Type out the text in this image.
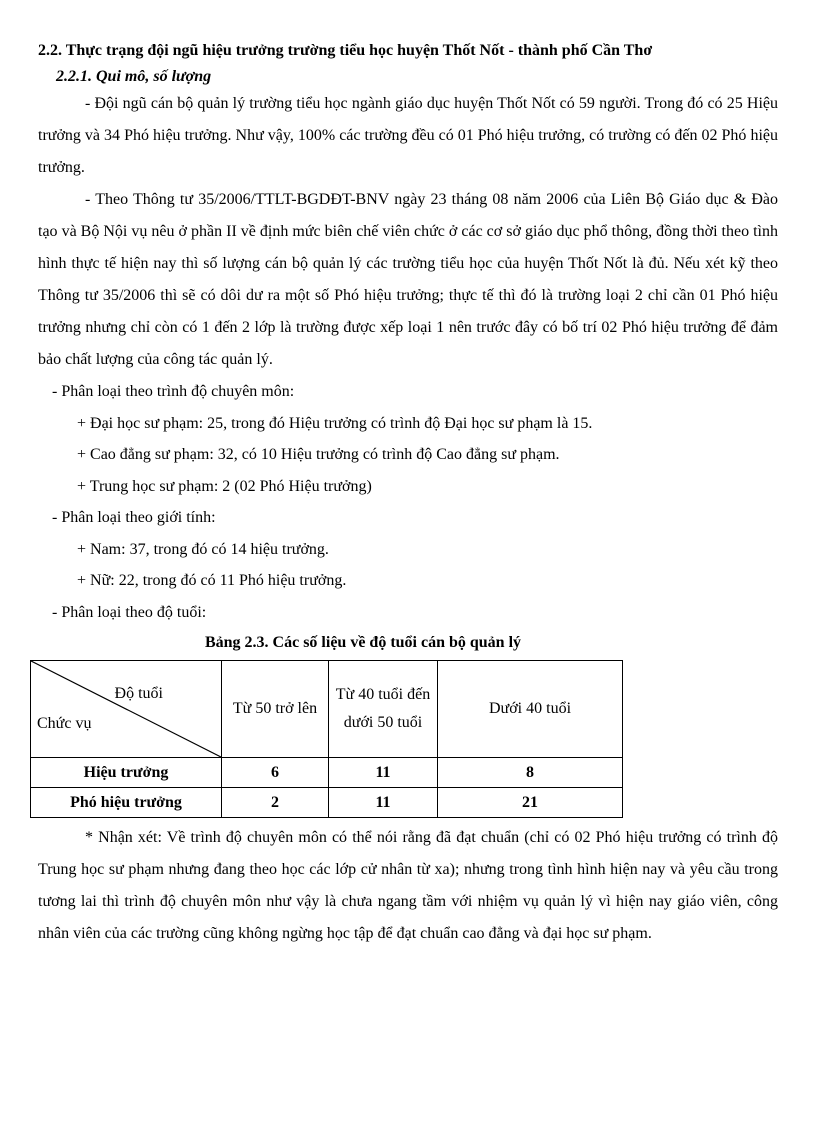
2.2. Thực trạng đội ngũ hiệu trưởng trường tiểu học huyện Thốt Nốt - thành phố Cần Thơ

2.2.1. Qui mô, số lượng

- Đội ngũ cán bộ quản lý trường tiểu học ngành giáo dục huyện Thốt Nốt có 59 người. Trong đó có 25 Hiệu trưởng và 34 Phó hiệu trưởng. Như vậy, 100% các trường đều có 01 Phó hiệu trưởng, có trường có đến 02 Phó hiệu trưởng.

- Theo Thông tư 35/2006/TTLT-BGDĐT-BNV ngày 23 tháng 08 năm 2006 của Liên Bộ Giáo dục & Đào tạo và Bộ Nội vụ nêu ở phần II về định mức biên chế viên chức ở các cơ sở giáo dục phổ thông, đồng thời theo tình hình thực tế hiện nay thì số lượng cán bộ quản lý các trường tiểu học của huyện Thốt Nốt là đủ. Nếu xét kỹ theo Thông tư 35/2006 thì sẽ có dôi dư ra một số Phó hiệu trưởng; thực tế thì đó là trường loại 2 chỉ cần 01 Phó hiệu trưởng nhưng chỉ còn có 1 đến 2 lớp là trường được xếp loại 1 nên trước đây có bố trí 02 Phó hiệu trưởng để đảm bảo chất lượng của công tác quản lý.

- Phân loại theo trình độ chuyên môn:

+ Đại học sư phạm: 25, trong đó Hiệu trưởng có trình độ Đại học sư phạm là 15.

+ Cao đẳng sư phạm: 32, có 10 Hiệu trưởng có trình độ Cao đẳng sư phạm.

+ Trung học sư phạm: 2 (02 Phó Hiệu trưởng)

- Phân loại theo giới tính:

+ Nam: 37, trong đó có 14 hiệu trưởng.

+ Nữ: 22, trong đó có 11 Phó hiệu trưởng.

- Phân loại theo độ tuổi:

Bảng 2.3. Các số liệu về độ tuổi cán bộ quản lý

Độ tuổi
Chức vụ	Từ 50 trở lên	Từ 40 tuổi đến dưới 50 tuổi	Dưới 40 tuổi
Hiệu trưởng	6	11	8
Phó hiệu trưởng	2	11	21

* Nhận xét: Về trình độ chuyên môn có thể nói rằng đã đạt chuẩn (chỉ có 02 Phó hiệu trưởng có trình độ Trung học sư phạm nhưng đang theo học các lớp cử nhân từ xa); nhưng trong tình hình hiện nay và yêu cầu trong tương lai thì trình độ chuyên môn như vậy là chưa ngang tầm với nhiệm vụ quản lý vì hiện nay giáo viên, công nhân viên của các trường cũng không ngừng học tập để đạt chuẩn cao đẳng và đại học sư phạm.
